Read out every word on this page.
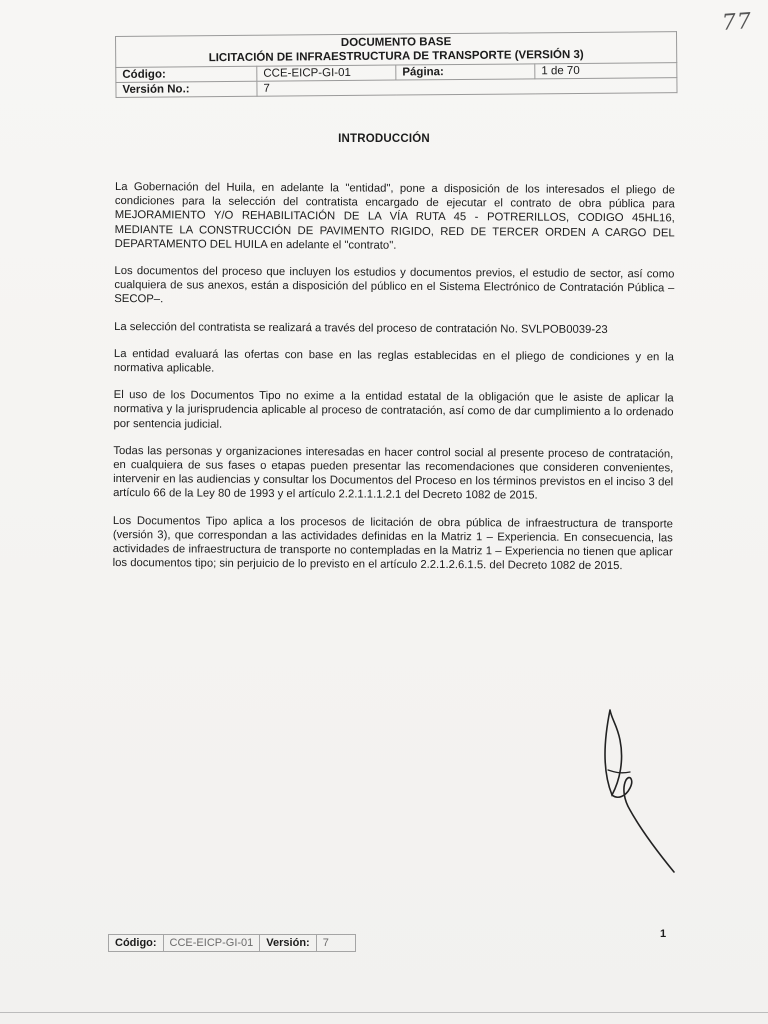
77
DOCUMENTO BASE
LICITACIÓN DE INFRAESTRUCTURA DE TRANSPORTE (VERSIÓN 3)			

Código:	CCE-EICP-GI-01	Página:	1 de 70
Versión No.:	7		
INTRODUCCIÓN

La Gobernación del Huila, en adelante la "entidad", pone a disposición de los interesados el pliego de condiciones para la selección del contratista encargado de ejecutar el contrato de obra pública para MEJORAMIENTO Y/O REHABILITACIÓN DE LA VÍA RUTA 45 - POTRERILLOS, CODIGO 45HL16, MEDIANTE LA CONSTRUCCIÓN DE PAVIMENTO RIGIDO, RED DE TERCER ORDEN A CARGO DEL DEPARTAMENTO DEL HUILA en adelante el "contrato".

Los documentos del proceso que incluyen los estudios y documentos previos, el estudio de sector, así como cualquiera de sus anexos, están a disposición del público en el Sistema Electrónico de Contratación Pública –SECOP–.

La selección del contratista se realizará a través del proceso de contratación No. SVLPOB0039-23

La entidad evaluará las ofertas con base en las reglas establecidas en el pliego de condiciones y en la normativa aplicable.

El uso de los Documentos Tipo no exime a la entidad estatal de la obligación que le asiste de aplicar la normativa y la jurisprudencia aplicable al proceso de contratación, así como de dar cumplimiento a lo ordenado por sentencia judicial.

Todas las personas y organizaciones interesadas en hacer control social al presente proceso de contratación, en cualquiera de sus fases o etapas pueden presentar las recomendaciones que consideren convenientes, intervenir en las audiencias y consultar los Documentos del Proceso en los términos previstos en el inciso 3 del artículo 66 de la Ley 80 de 1993 y el artículo 2.2.1.1.1.2.1 del Decreto 1082 de 2015.

Los Documentos Tipo aplica a los procesos de licitación de obra pública de infraestructura de transporte (versión 3), que correspondan a las actividades definidas en la Matriz 1 – Experiencia. En consecuencia, las actividades de infraestructura de transporte no contempladas en la Matriz 1 – Experiencia no tienen que aplicar los documentos tipo; sin perjuicio de lo previsto en el artículo 2.2.1.2.6.1.5. del Decreto 1082 de 2015.

1
Código:	CCE-EICP-GI-01	Versión:	7
